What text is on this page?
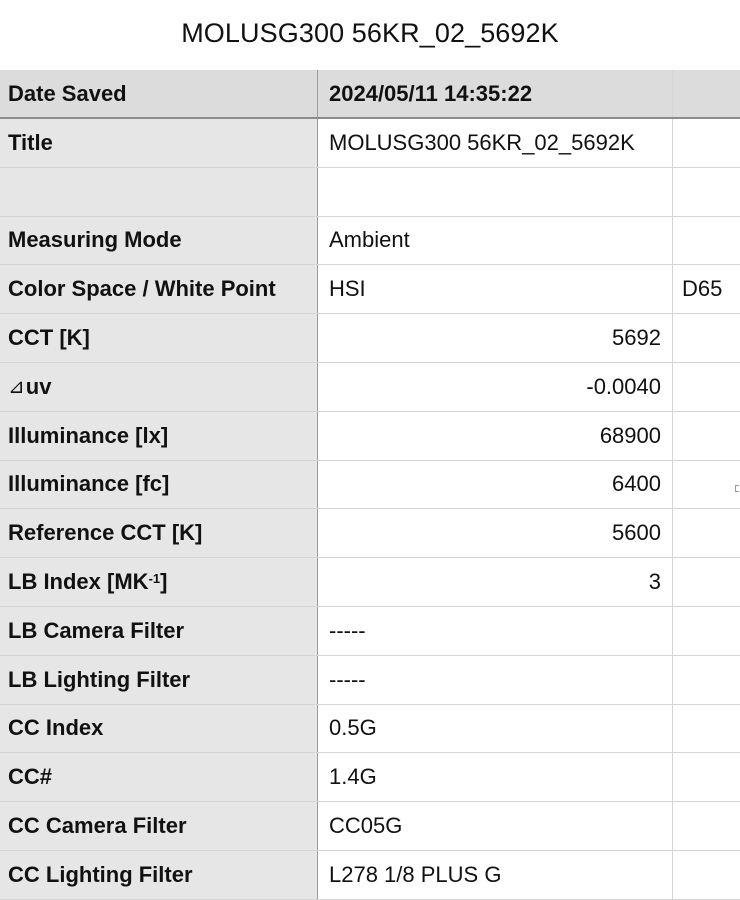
MOLUSG300 56KR_02_5692K
Date Saved	2024/05/11 14:35:22
Title	MOLUSG300 56KR_02_5692K
Measuring Mode	Ambient
Color Space / White Point	HSI	D65
CCT [K]	5692
⊿ uv	-0.0040
Illuminance [lx]	68900
Illuminance [fc]	6400
Reference CCT [K]	5600
LB Index [$MK^{-1}$ ]	3
LB Camera Filter	-----
LB Lighting Filter	-----
CC Index	0.5G
CC#	1.4G
CC Camera Filter	CC05G
CC Lighting Filter	L278 1/8 PLUS G
